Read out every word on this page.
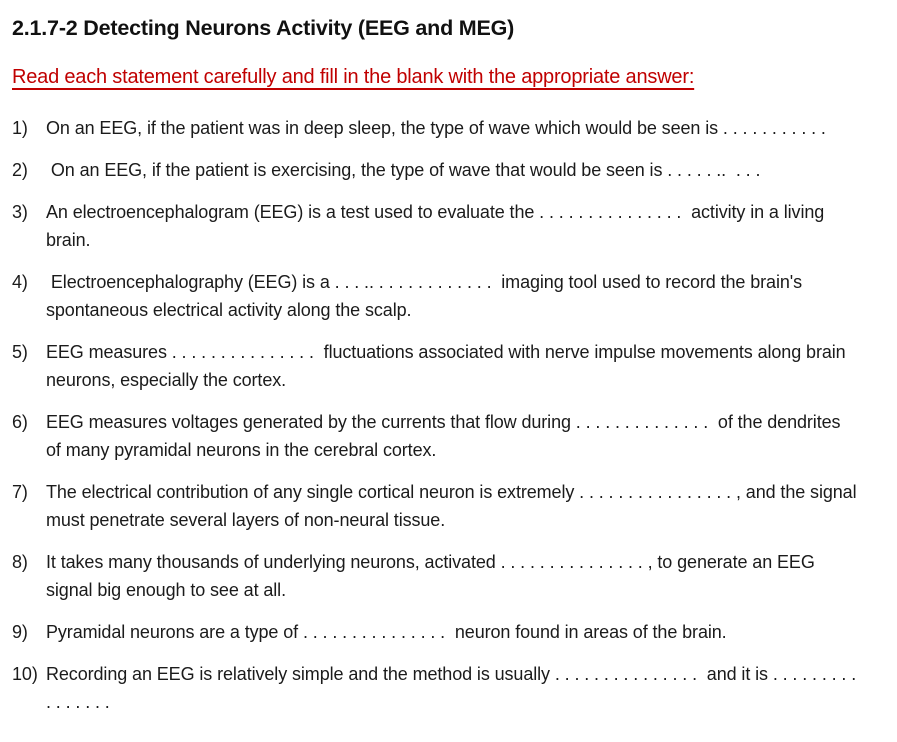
2.1.7-2 Detecting Neurons Activity (EEG and MEG)
Read each statement carefully and fill in the blank with the appropriate answer:
1)	On an EEG, if the patient was in deep sleep, the type of wave which would be seen is . . . . . . . . . . .
2)	On an EEG, if the patient is exercising, the type of wave that would be seen is . . . . . ..  . . .
3)	An electroencephalogram (EEG) is a test used to evaluate the . . . . . . . . . . . . . . .  activity in a living brain.
4)	Electroencephalography (EEG) is a . . . .. . . . . . . . . . . . .  imaging tool used to record the brain's spontaneous electrical activity along the scalp.
5)	EEG measures . . . . . . . . . . . . . . .  fluctuations associated with nerve impulse movements along brain neurons, especially the cortex.
6)	EEG measures voltages generated by the currents that flow during . . . . . . . . . . . . . .  of the dendrites of many pyramidal neurons in the cerebral cortex.
7)	The electrical contribution of any single cortical neuron is extremely . . . . . . . . . . . . . . . . , and the signal must penetrate several layers of non-neural tissue.
8)	It takes many thousands of underlying neurons, activated . . . . . . . . . . . . . . . , to generate an EEG signal big enough to see at all.
9)	Pyramidal neurons are a type of . . . . . . . . . . . . . . .  neuron found in areas of the brain.
10) Recording an EEG is relatively simple and the method is usually . . . . . . . . . . . . . . .  and it is . . . . . . . . . . . . . . . .
